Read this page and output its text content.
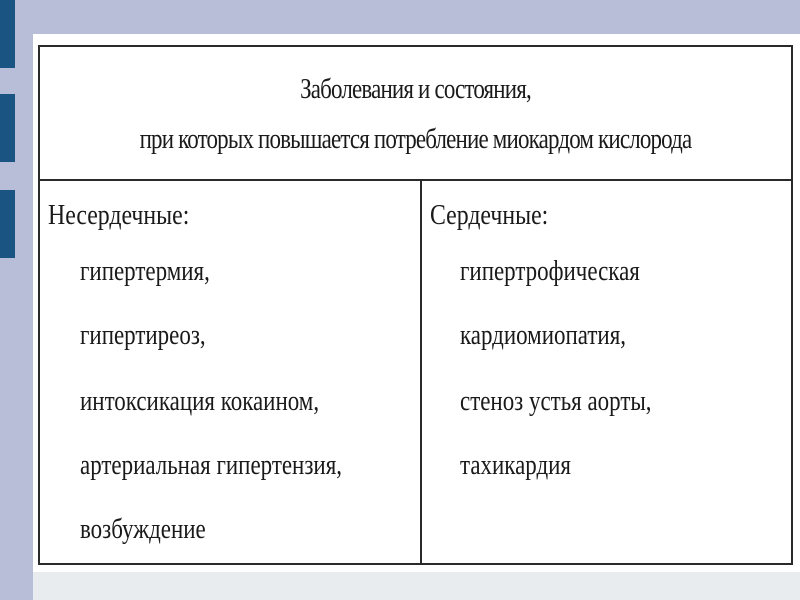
Заболевания и состояния,
при которых повышается потребление миокардом кислорода
Несердечные:
гипертермия,
гипертиреоз,
интоксикация кокаином,
артериальная гипертензия,
возбуждение
Сердечные:
гипертрофическая
кардиомиопатия,
стеноз устья аорты,
тахикардия
